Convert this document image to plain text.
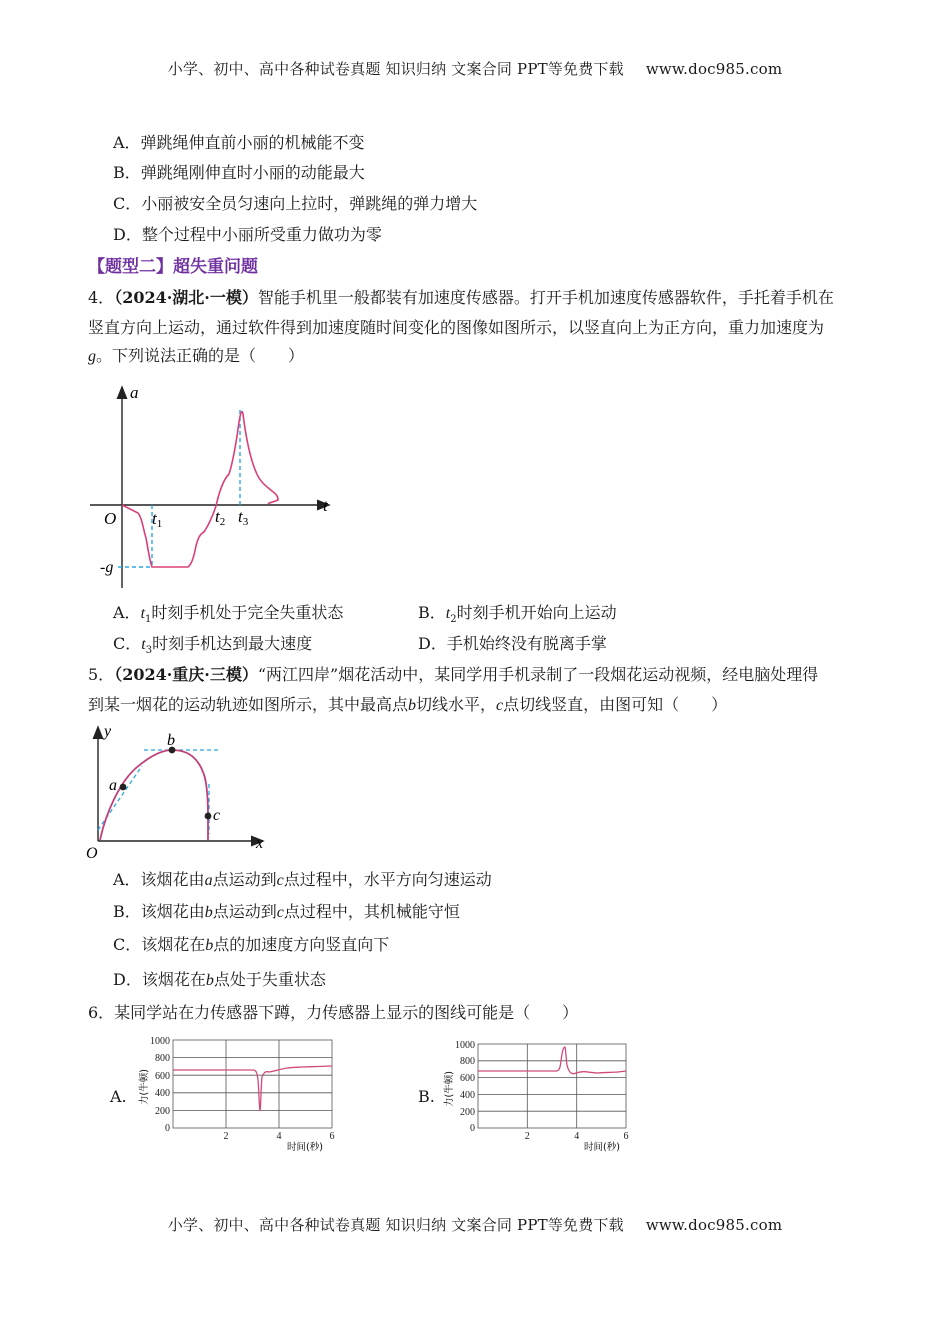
小学、初中、高中各种试卷真题 知识归纳 文案合同 PPT等免费下载 www.doc985.com
A．弹跳绳伸直前小丽的机械能不变
B．弹跳绳刚伸直时小丽的动能最大
C．小丽被安全员匀速向上拉时，弹跳绳的弹力增大
D．整个过程中小丽所受重力做功为零
【题型二】超失重问题
4．（2024·湖北·一模）智能手机里一般都装有加速度传感器。打开手机加速度传感器软件，手托着手机在
竖直方向上运动，通过软件得到加速度随时间变化的图像如图所示，以竖直向上为正方向，重力加速度为
g。下列说法正确的是（　　）
a
t
O t1	t2 t3
-g
A．$t_1$时刻手机处于完全失重状态	B．$t_2$时刻手机开始向上运动
C．$t_3$时刻手机达到最大速度	D．手机始终没有脱离手掌
5．（2024·重庆·三模）“两江四岸”烟花活动中，某同学用手机录制了一段烟花运动视频，经电脑处理得
到某一烟花的运动轨迹如图所示，其中最高点b切线水平，c点切线竖直，由图可知（　　）
y
x
O
a
b
c
A．该烟花由a点运动到c点过程中，水平方向匀速运动
B．该烟花由b点运动到c点过程中，其机械能守恒
C．该烟花在b点的加速度方向竖直向下
D．该烟花在b点处于失重状态
6．某同学站在力传感器下蹲，力传感器上显示的图线可能是（　　）
A.	B.
1000
800
600
400
200
0
2	4	6
时间(秒)
力(牛顿)
1000
800
600
400
200
0
2	4	6
时间(秒)
力(牛顿)
小学、初中、高中各种试卷真题 知识归纳 文案合同 PPT等免费下载 www.doc985.com
